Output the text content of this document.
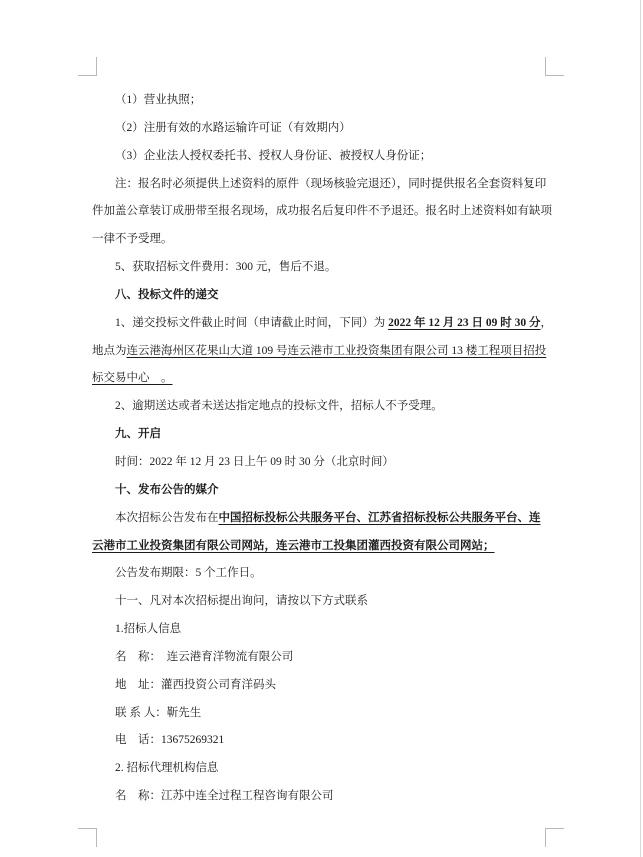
（1）营业执照；
（2）注册有效的水路运输许可证（有效期内）
（3）企业法人授权委托书、授权人身份证、被授权人身份证；
注：报名时必须提供上述资料的原件（现场核验完退还），同时提供报名全套资料复印
件加盖公章装订成册带至报名现场，成功报名后复印件不予退还。报名时上述资料如有缺项
一律不予受理。
5、获取招标文件费用：300 元，售后不退。
八、投标文件的递交
1、递交投标文件截止时间（申请截止时间，下同）为 2022 年 12 月 23 日 09 时 30 分，
地点为连云港海州区花果山大道 109 号连云港市工业投资集团有限公司 13 楼工程项目招投
标交易中心　。
2、逾期送达或者未送达指定地点的投标文件，招标人不予受理。
九、开启
时间：2022 年 12 月 23 日上午 09 时 30 分（北京时间）
十、发布公告的媒介
本次招标公告发布在中国招标投标公共服务平台、江苏省招标投标公共服务平台、连
云港市工业投资集团有限公司网站，连云港市工投集团灌西投资有限公司网站；
公告发布期限：5 个工作日。
十一、凡对本次招标提出询问，请按以下方式联系
1.招标人信息
名　称：　连云港育洋物流有限公司
地　址：灌西投资公司育洋码头
联 系 人：靳先生
电　话：13675269321
2. 招标代理机构信息
名　称：江苏中连全过程工程咨询有限公司
